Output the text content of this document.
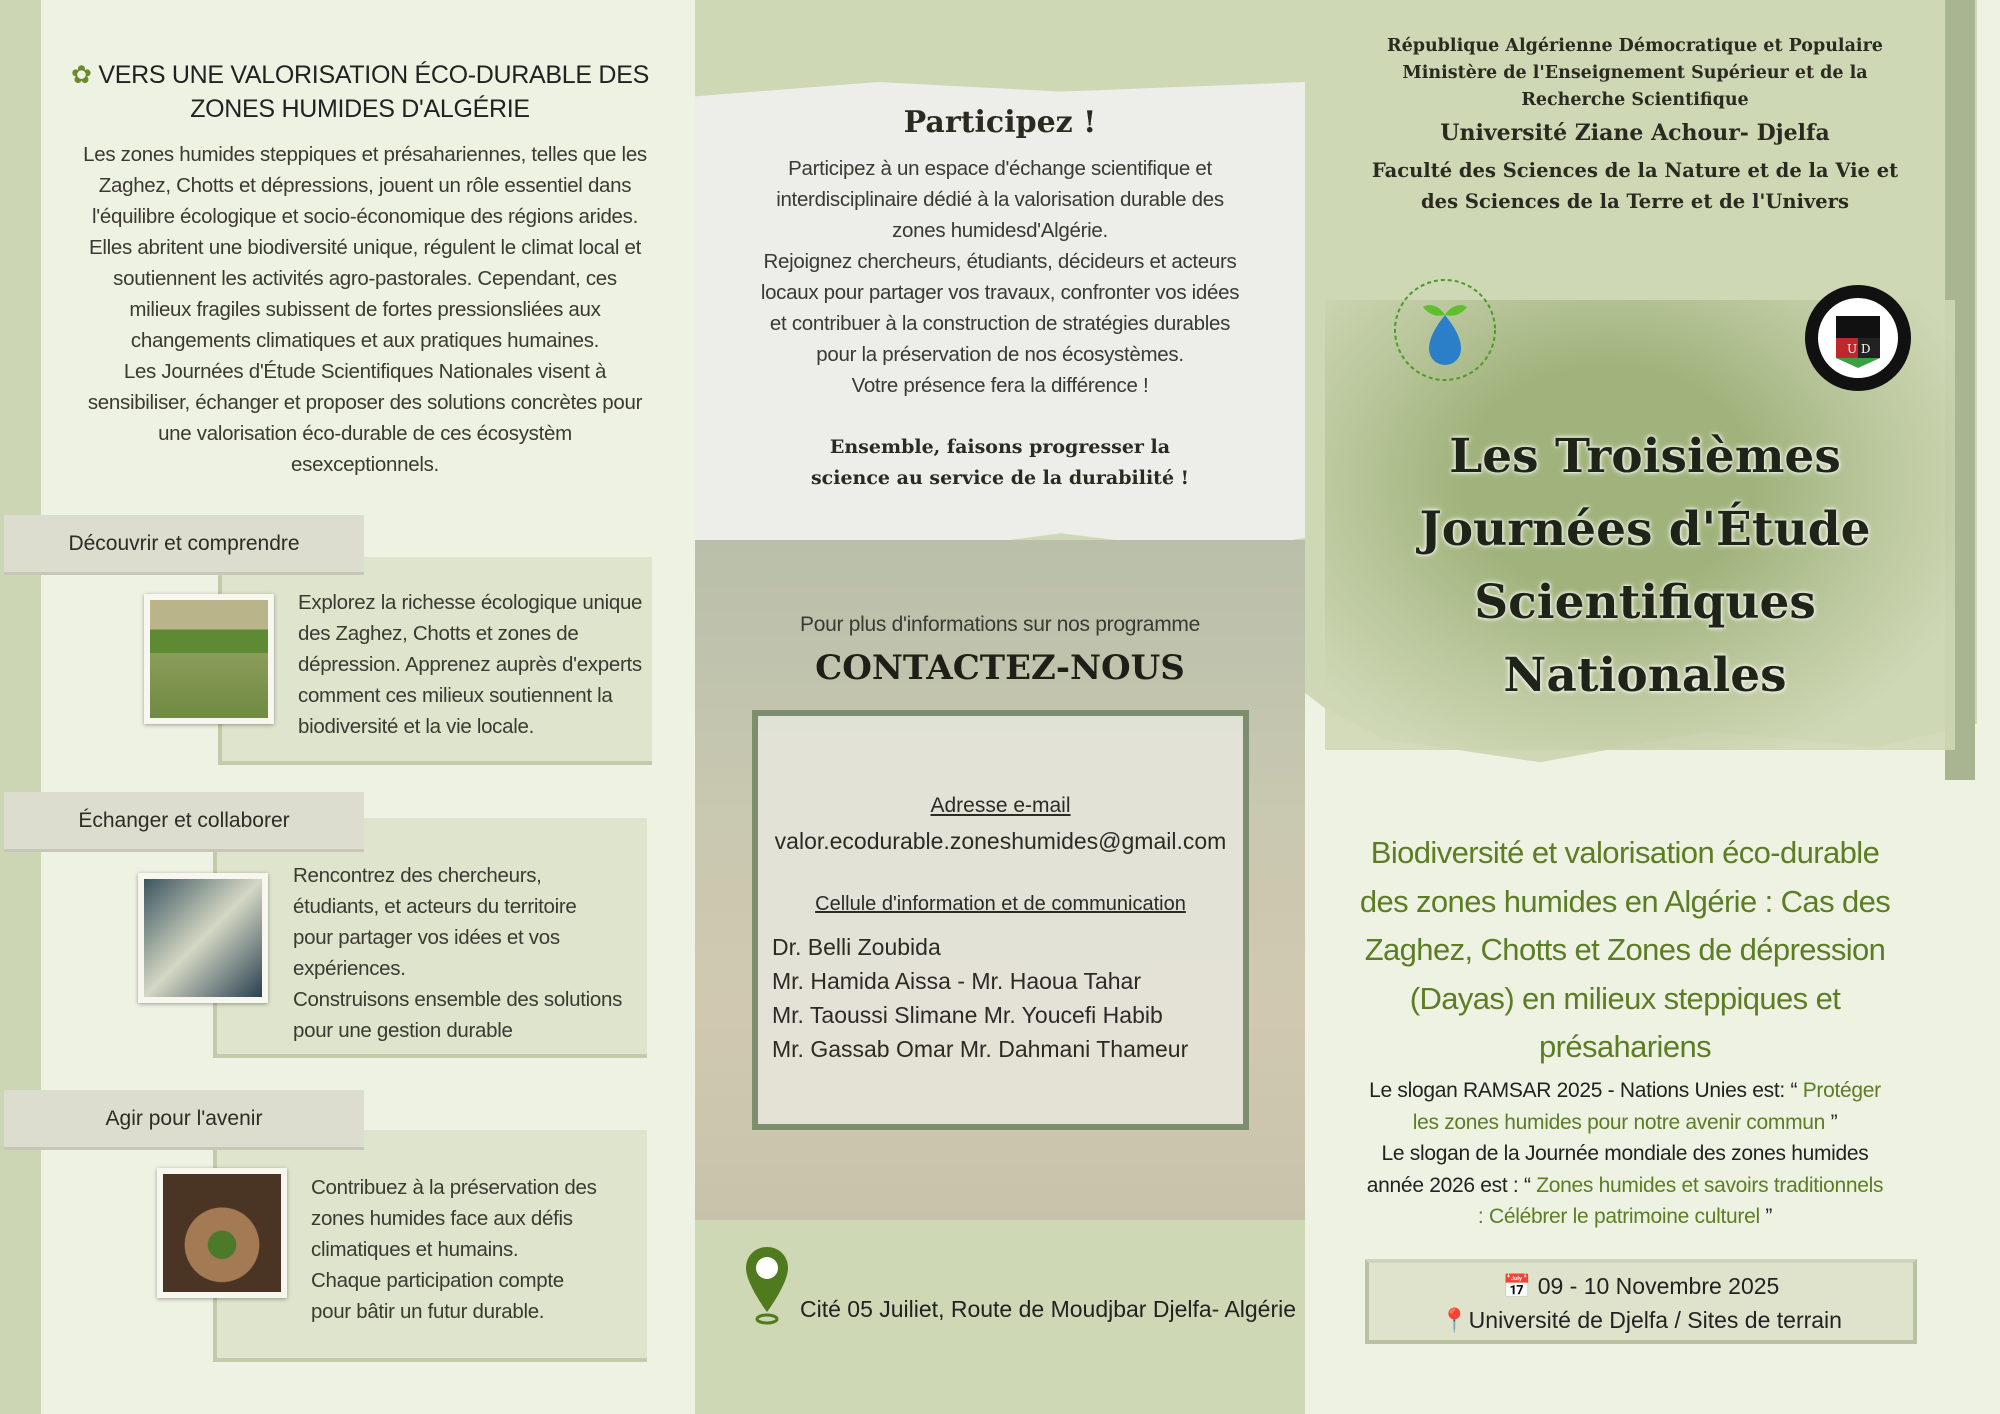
✿ VERS UNE VALORISATION ÉCO-DURABLE DES ZONES HUMIDES D'ALGÉRIE
Les zones humides steppiques et présahariennes, telles que les
Zaghez, Chotts et dépressions, jouent un rôle essentiel dans
l'équilibre écologique et socio-économique des régions arides.
Elles abritent une biodiversité unique, régulent le climat local et
soutiennent les activités agro-pastorales. Cependant, ces
milieux fragiles subissent de fortes pressionsliées aux
changements climatiques et aux pratiques humaines.
Les Journées d'Étude Scientifiques Nationales visent à
sensibiliser, échanger et proposer des solutions concrètes pour
une valorisation éco-durable de ces écosystèm
esexceptionnels.
Découvrir et comprendre
Explorez la richesse écologique unique
des Zaghez, Chotts et zones de
dépression. Apprenez auprès d'experts
comment ces milieux soutiennent la
biodiversité et la vie locale.
Échanger et collaborer
Rencontrez des chercheurs,
étudiants, et acteurs du territoire
pour partager vos idées et vos
expériences.
Construisons ensemble des solutions
pour une gestion durable
Agir pour l'avenir
Contribuez à la préservation des
zones humides face aux défis
climatiques et humains.
Chaque participation compte
pour bâtir un futur durable.
Participez !
Participez à un espace d'échange scientifique et
interdisciplinaire dédié à la valorisation durable des
zones humidesd'Algérie.
Rejoignez chercheurs, étudiants, décideurs et acteurs
locaux pour partager vos travaux, confronter vos idées
et contribuer à la construction de stratégies durables
pour la préservation de nos écosystèmes.
Votre présence fera la différence !
Ensemble, faisons progresser la
science au service de la durabilité !
Pour plus d'informations sur nos programme
CONTACTEZ-NOUS
Adresse e-mail
valor.ecodurable.zoneshumides@gmail.com
Cellule d'information et de communication
Dr. Belli Zoubida
Mr. Hamida Aissa - Mr. Haoua Tahar
Mr. Taoussi Slimane Mr. Youcefi Habib
Mr. Gassab Omar Mr. Dahmani Thameur
Cité 05 Juiliet, Route de Moudjbar Djelfa- Algérie
République Algérienne Démocratique et Populaire
Ministère de l'Enseignement Supérieur et de la
Recherche Scientifique
Université Ziane Achour- Djelfa
Faculté des Sciences de la Nature et de la Vie et
des Sciences de la Terre et de l'Univers
U D
Les Troisièmes
Journées d'Étude
Scientifiques
Nationales
Biodiversité et valorisation éco-durable
des zones humides en Algérie : Cas des
Zaghez, Chotts et Zones de dépression
(Dayas) en milieux steppiques et
présahariens
Le slogan RAMSAR 2025 - Nations Unies est: “ Protéger les zones humides pour notre avenir commun ”
Le slogan de la Journée mondiale des zones humides année 2026 est : “ Zones humides et savoirs traditionnels : Célébrer le patrimoine culturel ”
📅 09 - 10 Novembre 2025
📍Université de Djelfa / Sites de terrain
